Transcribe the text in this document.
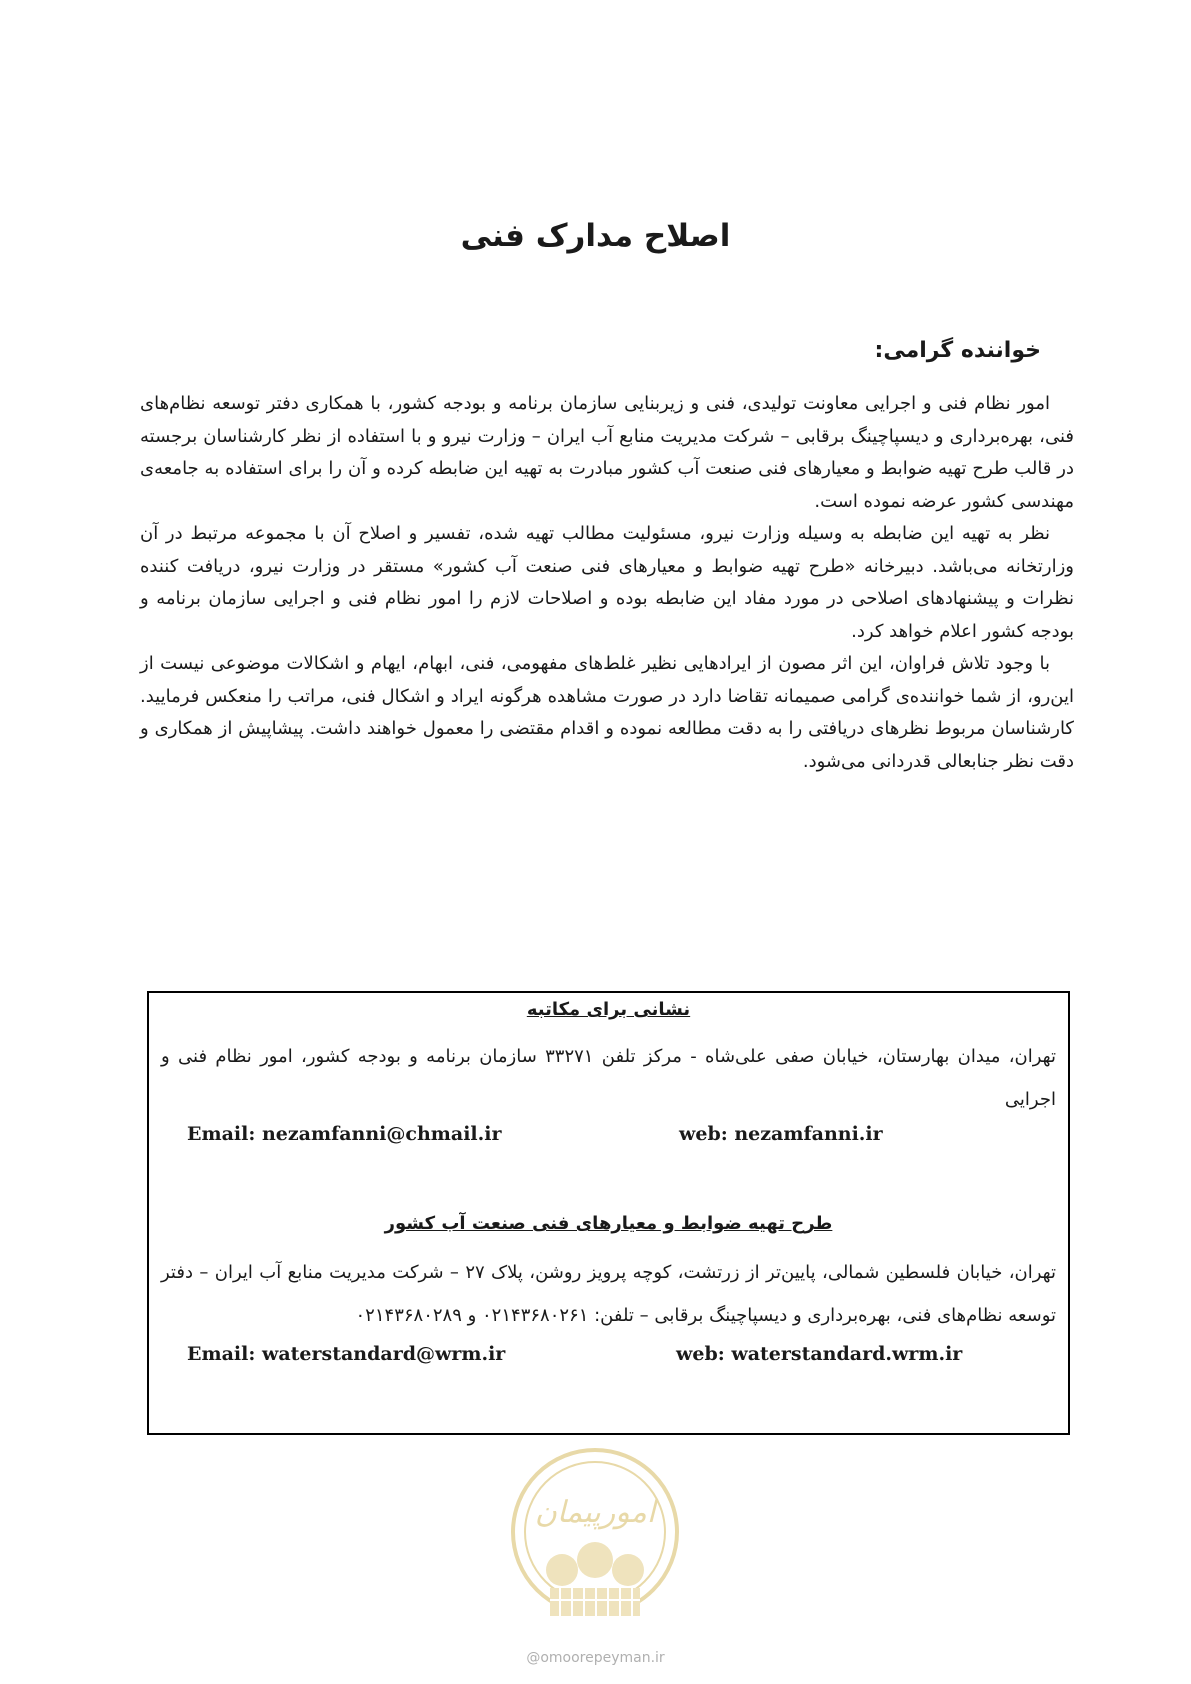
اصلاح مدارک فنی
خواننده گرامی:

امور نظام فنی و اجرایی معاونت تولیدی، فنی و زیربنایی سازمان برنامه و بودجه کشور، با همکاری دفتر توسعه نظام‌های فنی، بهره‌برداری و دیسپاچینگ برقابی – شرکت مدیریت منابع آب ایران – وزارت نیرو و با استفاده از نظر کارشناسان برجسته در قالب طرح تهیه ضوابط و معیارهای فنی صنعت آب کشور مبادرت به تهیه این ضابطه کرده و آن را برای استفاده به جامعه‌ی مهندسی کشور عرضه نموده است.

نظر به تهیه این ضابطه به وسیله وزارت نیرو، مسئولیت مطالب تهیه شده، تفسیر و اصلاح آن با مجموعه مرتبط در آن وزارتخانه می‌باشد. دبیرخانه «طرح تهیه ضوابط و معیارهای فنی صنعت آب کشور» مستقر در وزارت نیرو، دریافت کننده نظرات و پیشنهادهای اصلاحی در مورد مفاد این ضابطه بوده و اصلاحات لازم را امور نظام فنی و اجرایی سازمان برنامه و بودجه کشور اعلام خواهد کرد.

با وجود تلاش فراوان، این اثر مصون از ایرادهایی نظیر غلط‌های مفهومی، فنی، ابهام، ایهام و اشکالات موضوعی نیست از این‌رو، از شما خواننده‌ی گرامی صمیمانه تقاضا دارد در صورت مشاهده هرگونه ایراد و اشکال فنی، مراتب را منعکس فرمایید. کارشناسان مربوط نظرهای دریافتی را به دقت مطالعه نموده و اقدام مقتضی را معمول خواهند داشت. پیشاپیش از همکاری و دقت نظر جنابعالی قدردانی می‌شود.

نشانی برای مکاتبه
تهران، میدان بهارستان، خیابان صفی علی‌شاه - مرکز تلفن ۳۳۲۷۱ سازمان برنامه و بودجه کشور، امور نظام فنی و اجرایی
Email: nezamfanni@chmail.ir	web: nezamfanni.ir
طرح تهیه ضوابط و معیارهای فنی صنعت آب کشور
تهران، خیابان فلسطین شمالی، پایین‌تر از زرتشت، کوچه پرویز روشن، پلاک ۲۷ – شرکت مدیریت منابع آب ایران – دفتر توسعه نظام‌های فنی، بهره‌برداری و دیسپاچینگ برقابی – تلفن: ۰۲۱۴۳۶۸۰۲۶۱ و ۰۲۱۴۳۶۸۰۲۸۹
Email: waterstandard@wrm.ir	web: waterstandard.wrm.ir
امورپیمان
@omoorepeyman.ir
